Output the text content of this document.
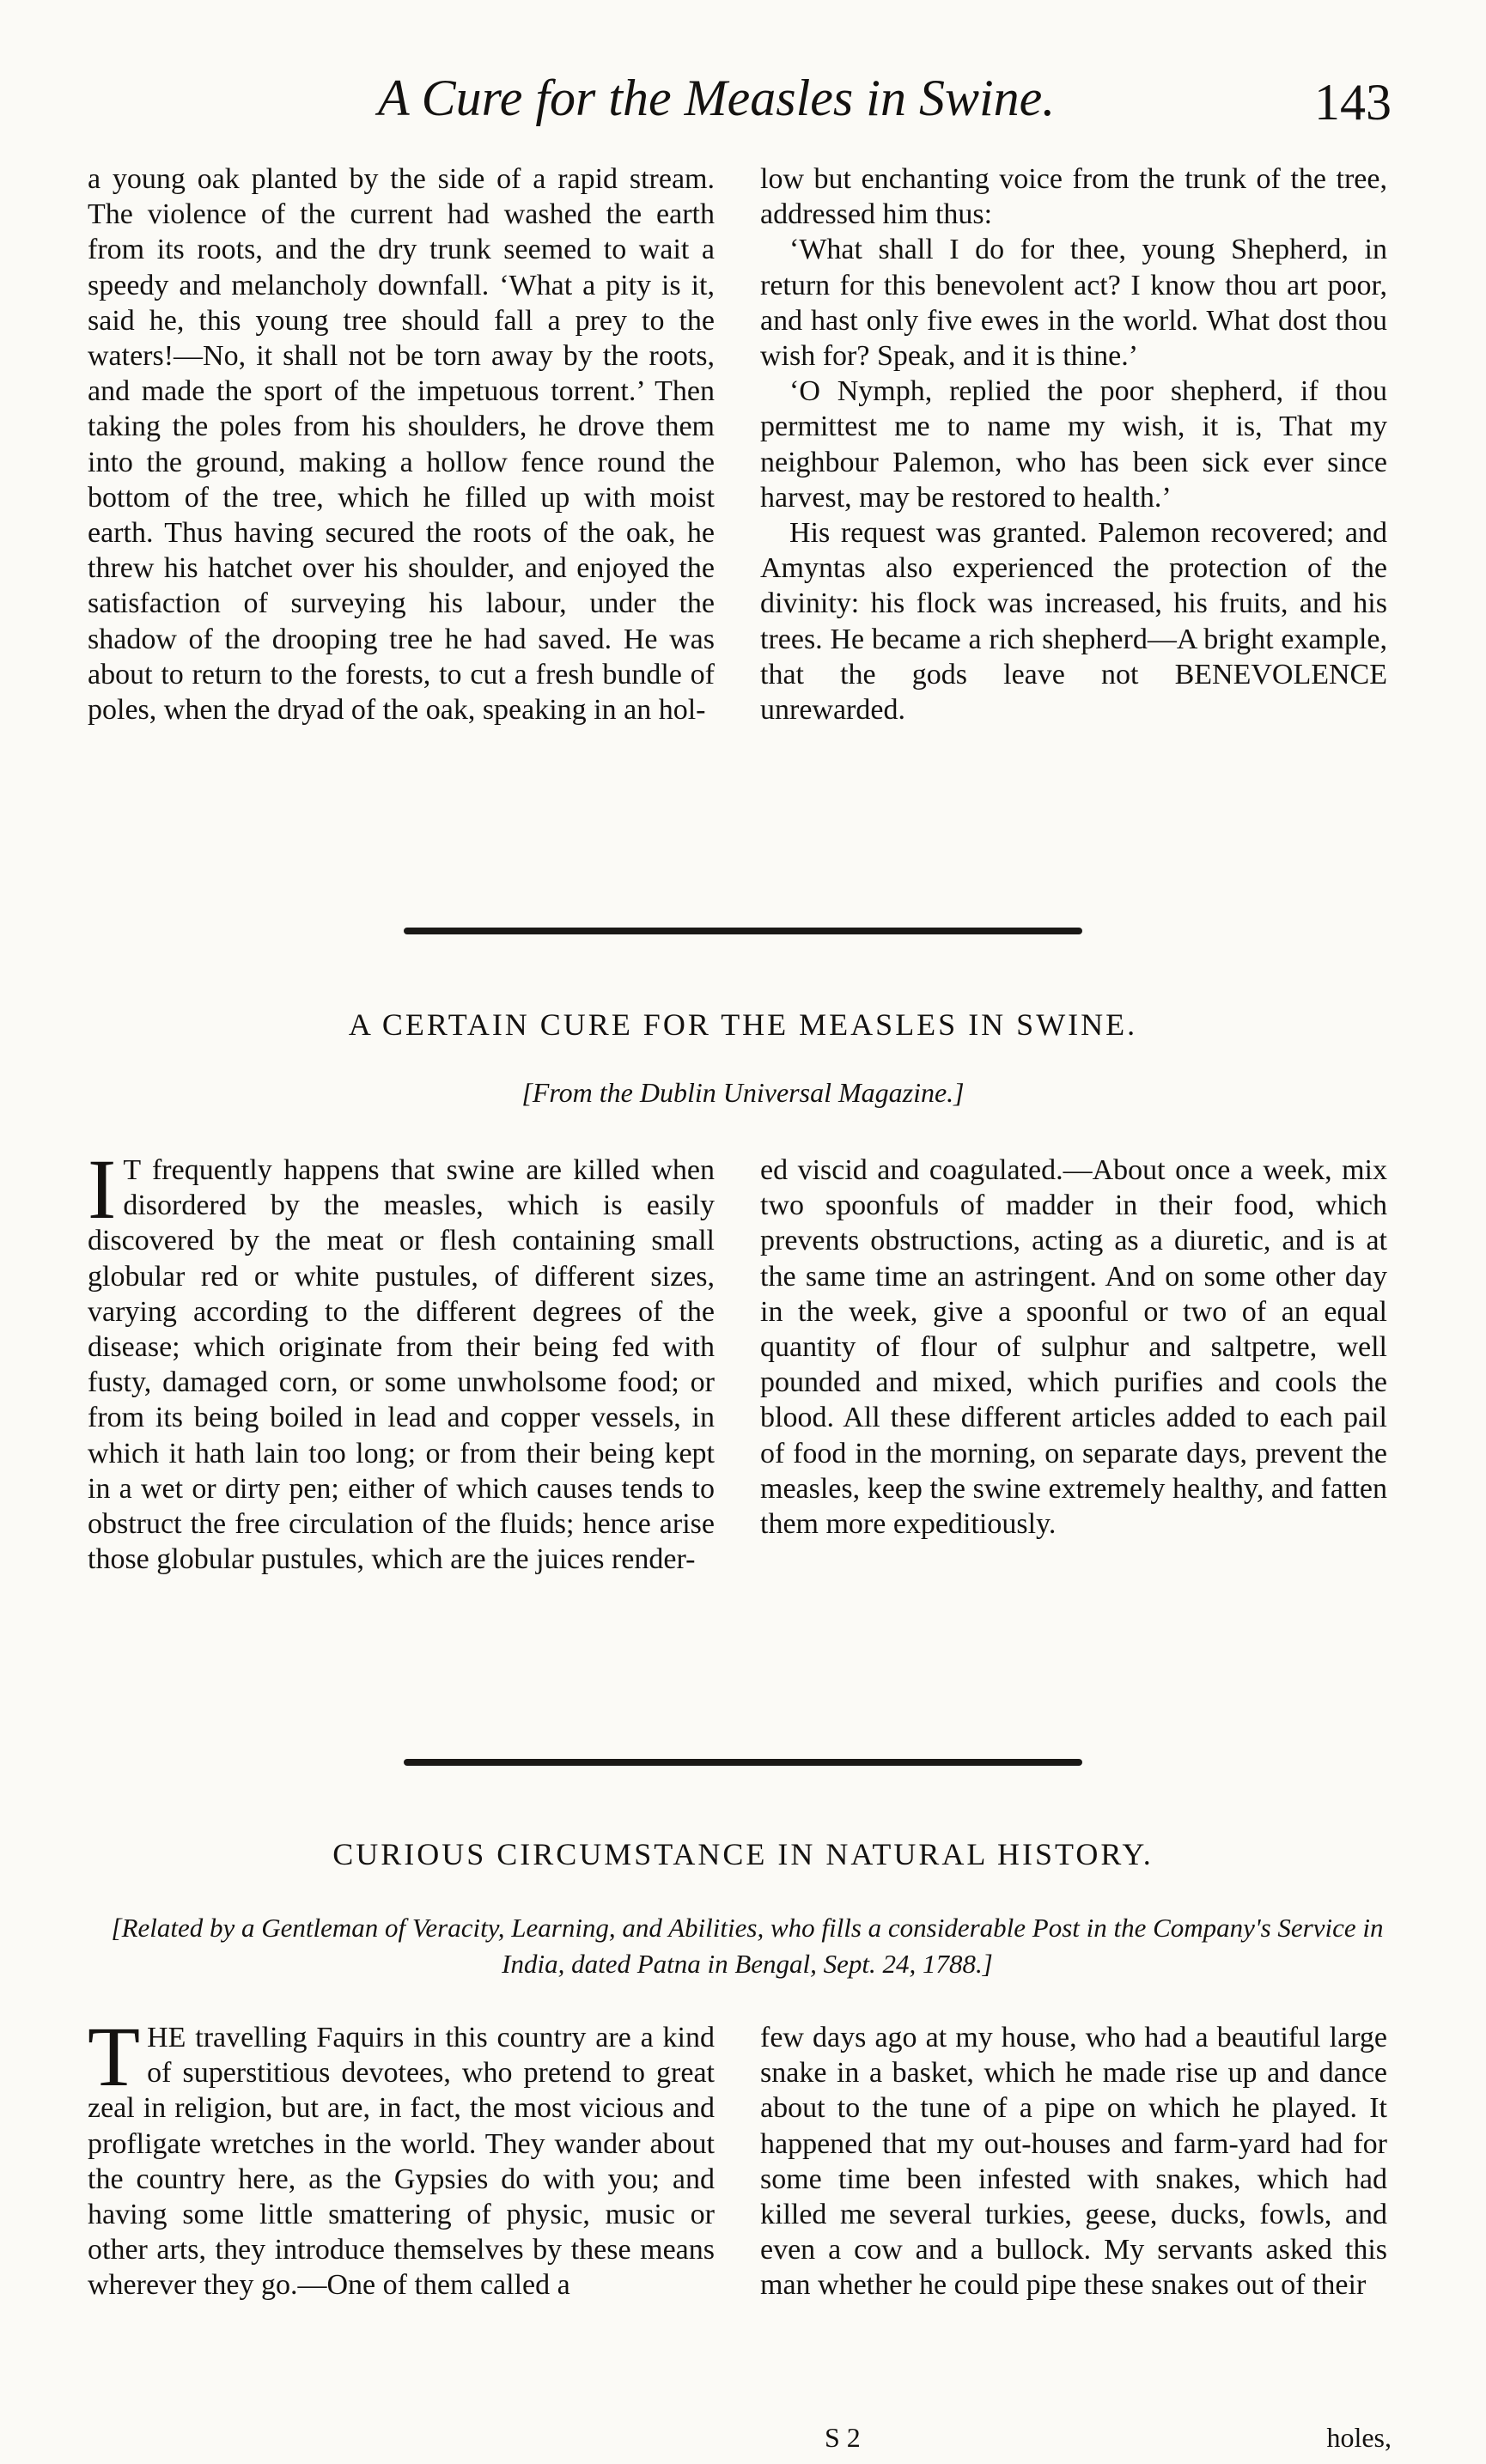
A Cure for the Measles in Swine.	143

a young oak planted by the side of a rapid stream. The violence of the current had washed the earth from its roots, and the dry trunk seemed to wait a speedy and melancholy downfall. ‘What a pity is it, said he, this young tree should fall a prey to the waters!—No, it shall not be torn away by the roots, and made the sport of the impetuous torrent.’ Then taking the poles from his shoulders, he drove them into the ground, making a hollow fence round the bottom of the tree, which he filled up with moist earth. Thus having secured the roots of the oak, he threw his hatchet over his shoulder, and enjoyed the satisfaction of surveying his labour, under the shadow of the drooping tree he had saved. He was about to return to the forests, to cut a fresh bundle of poles, when the dryad of the oak, speaking in an hol-

low but enchanting voice from the trunk of the tree, addressed him thus:

‘What shall I do for thee, young Shepherd, in return for this benevolent act? I know thou art poor, and hast only five ewes in the world. What dost thou wish for? Speak, and it is thine.’

‘O Nymph, replied the poor shepherd, if thou permittest me to name my wish, it is, That my neighbour Palemon, who has been sick ever since harvest, may be restored to health.’

His request was granted. Palemon recovered; and Amyntas also experienced the protection of the divinity: his flock was increased, his fruits, and his trees. He became a rich shepherd—A bright example, that the gods leave not BENEVOLENCE unrewarded.

A CERTAIN CURE FOR THE MEASLES IN SWINE.
[From the Dublin Universal Magazine.]

I T frequently happens that swine are killed when disordered by the measles, which is easily discovered by the meat or flesh containing small globular red or white pustules, of different sizes, varying according to the different degrees of the disease; which originate from their being fed with fusty, damaged corn, or some unwholsome food; or from its being boiled in lead and copper vessels, in which it hath lain too long; or from their being kept in a wet or dirty pen; either of which causes tends to obstruct the free circulation of the fluids; hence arise those globular pustules, which are the juices render-

ed viscid and coagulated.—About once a week, mix two spoonfuls of madder in their food, which prevents obstructions, acting as a diuretic, and is at the same time an astringent. And on some other day in the week, give a spoonful or two of an equal quantity of flour of sulphur and saltpetre, well pounded and mixed, which purifies and cools the blood. All these different articles added to each pail of food in the morning, on separate days, prevent the measles, keep the swine extremely healthy, and fatten them more expeditiously.

CURIOUS CIRCUMSTANCE IN NATURAL HISTORY.
[Related by a Gentleman of Veracity, Learning, and Abilities, who fills a considerable Post in the Company's Service in India, dated Patna in Bengal, Sept. 24, 1788.]

THE travelling Faquirs in this country are a kind of superstitious devotees, who pretend to great zeal in religion, but are, in fact, the most vicious and profligate wretches in the world. They wander about the country here, as the Gypsies do with you; and having some little smattering of physic, music or other arts, they introduce themselves by these means wherever they go.—One of them called a

few days ago at my house, who had a beautiful large snake in a basket, which he made rise up and dance about to the tune of a pipe on which he played. It happened that my out-houses and farm-yard had for some time been infested with snakes, which had killed me several turkies, geese, ducks, fowls, and even a cow and a bullock. My servants asked this man whether he could pipe these snakes out of their

S 2	holes,
